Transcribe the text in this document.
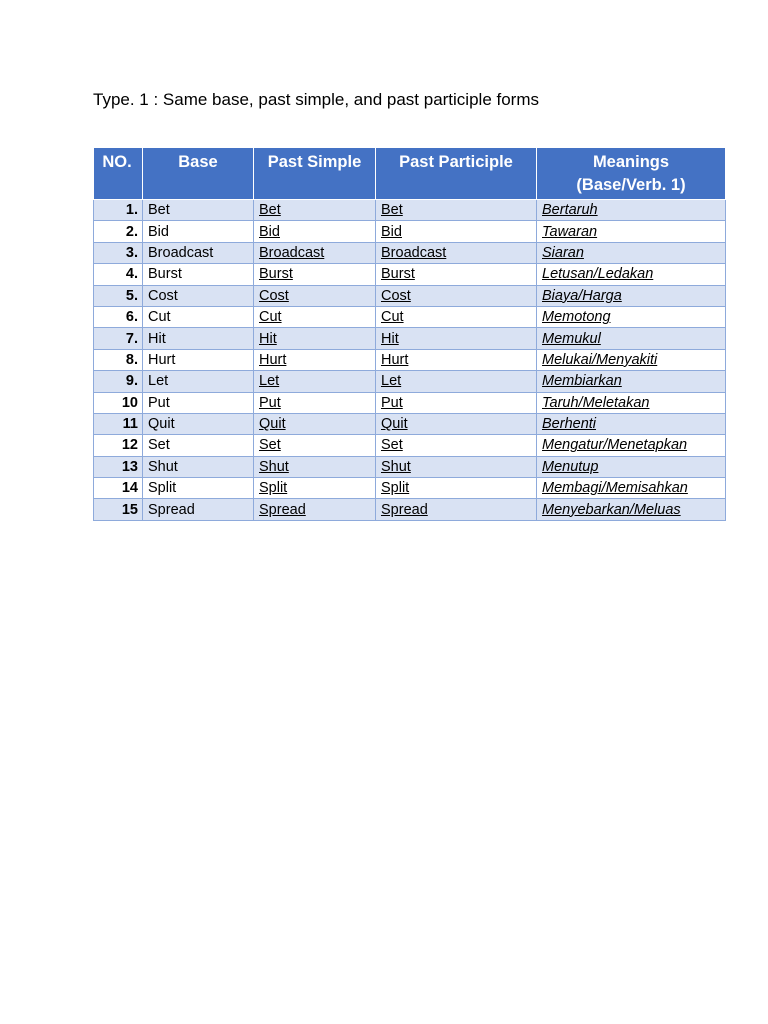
Type. 1 : Same base, past simple, and past participle forms
NO.	Base	Past Simple	Past Participle	Meanings
(Base/Verb. 1)

1.	Bet	Bet	Bet	Bertaruh
2.	Bid	Bid	Bid	Tawaran
3.	Broadcast	Broadcast	Broadcast	Siaran
4.	Burst	Burst	Burst	Letusan/Ledakan
5.	Cost	Cost	Cost	Biaya/Harga
6.	Cut	Cut	Cut	Memotong
7.	Hit	Hit	Hit	Memukul
8.	Hurt	Hurt	Hurt	Melukai/Menyakiti
9.	Let	Let	Let	Membiarkan
10	Put	Put	Put	Taruh/Meletakan
11	Quit	Quit	Quit	Berhenti
12	Set	Set	Set	Mengatur/Menetapkan
13	Shut	Shut	Shut	Menutup
14	Split	Split	Split	Membagi/Memisahkan
15	Spread	Spread	Spread	Menyebarkan/Meluas
